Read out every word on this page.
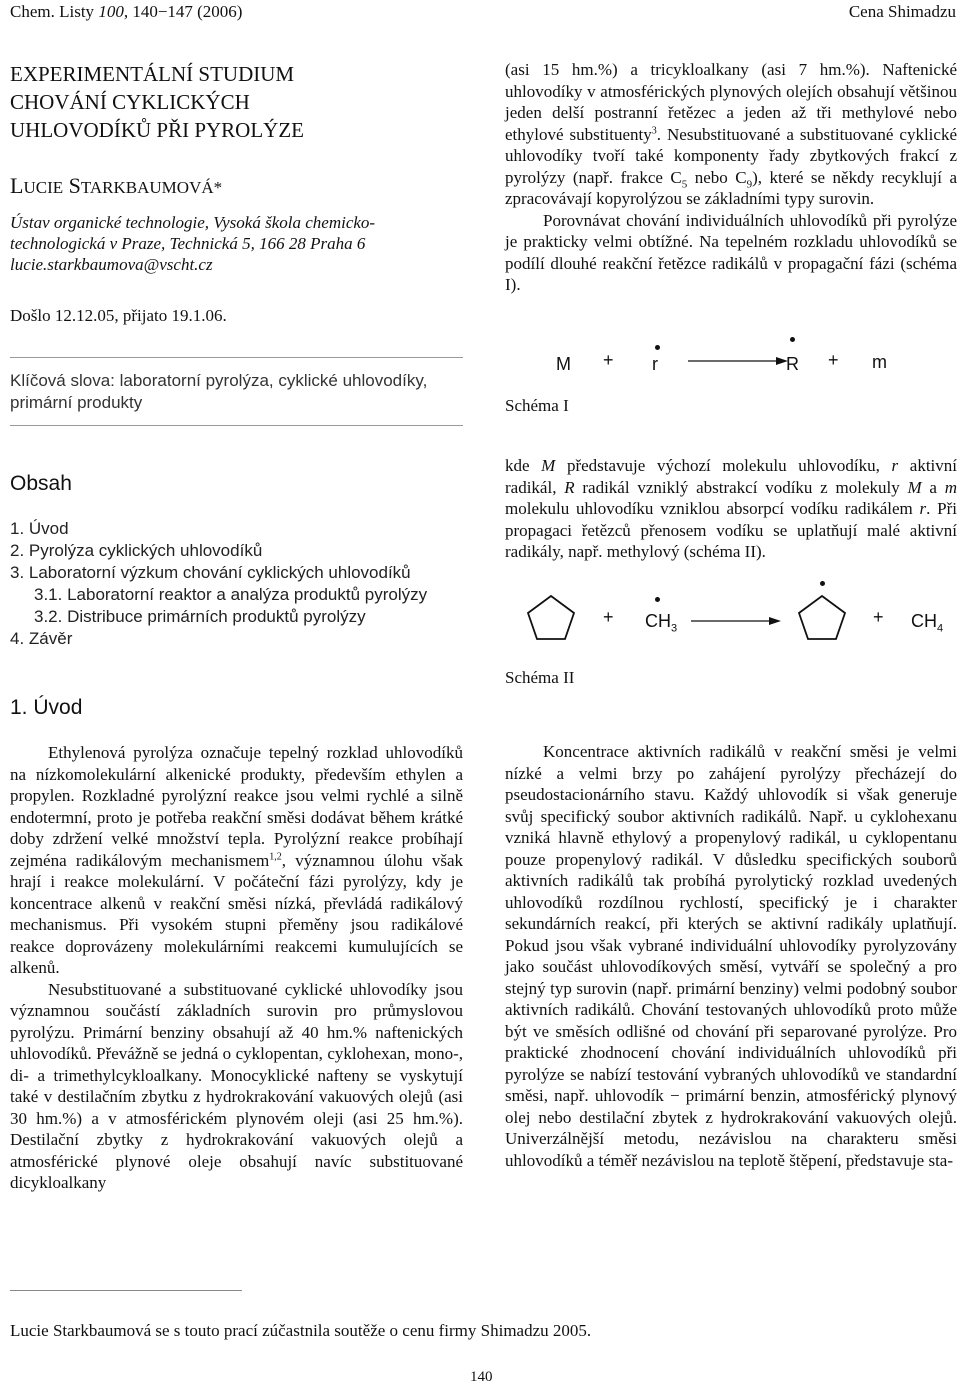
Chem. Listy 100, 140−147 (2006)	Cena Shimadzu
EXPERIMENTÁLNÍ STUDIUM
CHOVÁNÍ CYKLICKÝCH
UHLOVODÍKŮ PŘI PYROLÝZE
LUCIE STARKBAUMOVÁ*
Ústav organické technologie, Vysoká škola chemicko-
technologická v Praze, Technická 5, 166 28 Praha 6
lucie.starkbaumova@vscht.cz
Došlo 12.12.05, přijato 19.1.06.
Klíčová slova: laboratorní pyrolýza, cyklické uhlovodíky,
primární produkty
Obsah
1. Úvod
2. Pyrolýza cyklických uhlovodíků
3. Laboratorní výzkum chování cyklických uhlovodíků
3.1. Laboratorní reaktor a analýza produktů pyrolýzy
3.2. Distribuce primárních produktů pyrolýzy
4. Závěr
1. Úvod

Ethylenová pyrolýza označuje tepelný rozklad uhlovodíků na nízkomolekulární alkenické produkty, především ethylen a propylen. Rozkladné pyrolýzní reakce jsou velmi rychlé a silně endotermní, proto je potřeba reakční směsi dodávat během krátké doby zdržení velké množství tepla. Pyrolýzní reakce probíhají zejména radikálovým mechanismem$^{1,2}$, významnou úlohu však hrají i reakce molekulární. V počáteční fázi pyrolýzy, kdy je koncentrace alkenů v reakční směsi nízká, převládá radikálový mechanismus. Při vysokém stupni přeměny jsou radikálové reakce doprovázeny molekulárními reakcemi kumulujících se alkenů.

Nesubstituované a substituované cyklické uhlovodíky jsou významnou součástí základních surovin pro průmyslovou pyrolýzu. Primární benziny obsahují až 40 hm.% naftenických uhlovodíků. Převážně se jedná o cyklopentan, cyklohexan, mono-, di- a trimethylcykloalkany. Monocyklické nafteny se vyskytují také v destilačním zbytku z hydrokrakování vakuových olejů (asi 30 hm.%) a v atmosférickém plynovém oleji (asi 25 hm.%). Destilační zbytky z hydrokrakování vakuových olejů a atmosférické plynové oleje obsahují navíc substituované dicykloalkany

(asi 15 hm.%) a tricykloalkany (asi 7 hm.%). Naftenické uhlovodíky v atmosférických plynových olejích obsahují většinou jeden delší postranní řetězec a jeden až tři methylové nebo ethylové substituenty$^3$. Nesubstituované a substituované cyklické uhlovodíky tvoří také komponenty řady zbytkových frakcí z pyrolýzy (např. frakce $C_5$ nebo $C_9$), které se někdy recyklují a zpracovávají kopyrolýzou se základními typy surovin.

Porovnávat chování individuálních uhlovodíků při pyrolýze je prakticky velmi obtížné. Na tepelném rozkladu uhlovodíků se podílí dlouhé reakční řetězce radikálů v propagační fázi (schéma I).

M + r	R + m
Schéma I

kde M představuje výchozí molekulu uhlovodíku, r aktivní radikál, R radikál vzniklý abstrakcí vodíku z molekuly M a m molekulu uhlovodíku vzniklou absorpcí vodíku radikálem r. Při propagaci řetězců přenosem vodíku se uplatňují malé aktivní radikály, např. methylový (schéma II).

+ $CH_3$
+ $CH_4$
Schéma II

Koncentrace aktivních radikálů v reakční směsi je velmi nízké a velmi brzy po zahájení pyrolýzy přecházejí do pseudostacionárního stavu. Každý uhlovodík si však generuje svůj specifický soubor aktivních radikálů. Např. u cyklohexanu vzniká hlavně ethylový a propenylový radikál, u cyklopentanu pouze propenylový radikál. V důsledku specifických souborů aktivních radikálů tak probíhá pyrolytický rozklad uvedených uhlovodíků rozdílnou rychlostí, specifický je i charakter sekundárních reakcí, při kterých se aktivní radikály uplatňují. Pokud jsou však vybrané individuální uhlovodíky pyrolyzovány jako součást uhlovodíkových směsí, vytváří se společný a pro stejný typ surovin (např. primární benziny) velmi podobný soubor aktivních radikálů. Chování testovaných uhlovodíků proto může být ve směsích odlišné od chování při separované pyrolýze. Pro praktické zhodnocení chování individuálních uhlovodíků při pyrolýze se nabízí testování vybraných uhlovodíků ve standardní směsi, např. uhlovodík − primární benzin, atmosférický plynový olej nebo destilační zbytek z hydrokrakování vakuových olejů. Univerzálnější metodu, nezávislou na charakteru směsi uhlovodíků a téměř nezávislou na teplotě štěpení, představuje sta-

Lucie Starkbaumová se s touto prací zúčastnila soutěže o cenu firmy Shimadzu 2005.
140
